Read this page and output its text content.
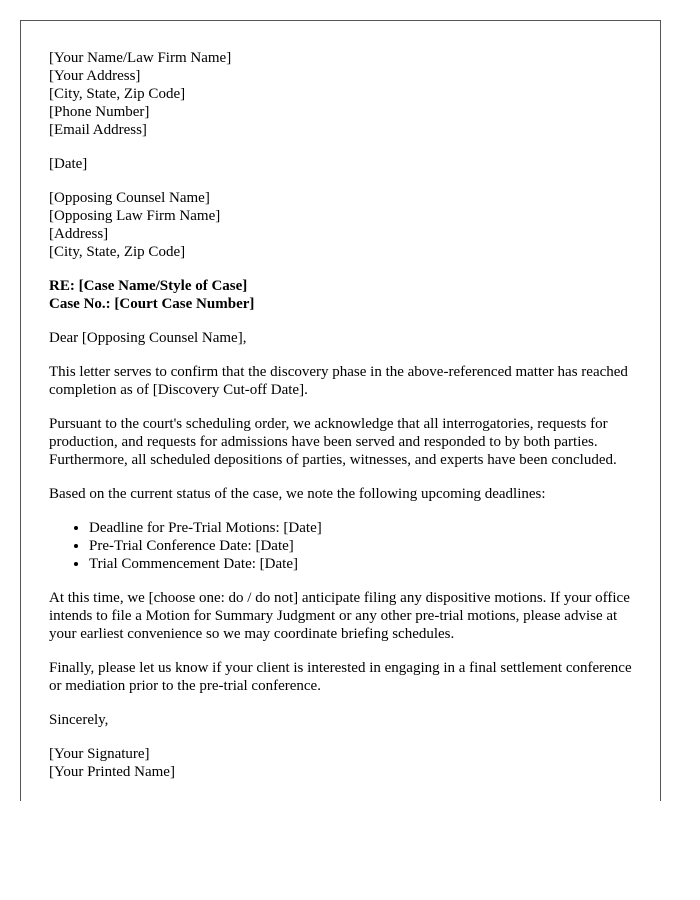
[Your Name/Law Firm Name]
[Your Address]
[City, State, Zip Code]
[Phone Number]
[Email Address]
[Date]
[Opposing Counsel Name]
[Opposing Law Firm Name]
[Address]
[City, State, Zip Code]
RE: [Case Name/Style of Case]
Case No.: [Court Case Number]

Dear [Opposing Counsel Name],

This letter serves to confirm that the discovery phase in the above-referenced matter has reached completion as of [Discovery Cut-off Date].

Pursuant to the court's scheduling order, we acknowledge that all interrogatories, requests for production, and requests for admissions have been served and responded to by both parties. Furthermore, all scheduled depositions of parties, witnesses, and experts have been concluded.

Based on the current status of the case, we note the following upcoming deadlines:

• Deadline for Pre-Trial Motions: [Date]
• Pre-Trial Conference Date: [Date]
• Trial Commencement Date: [Date]

At this time, we [choose one: do / do not] anticipate filing any dispositive motions. If your office intends to file a Motion for Summary Judgment or any other pre-trial motions, please advise at your earliest convenience so we may coordinate briefing schedules.

Finally, please let us know if your client is interested in engaging in a final settlement conference or mediation prior to the pre-trial conference.

Sincerely,

[Your Signature]
[Your Printed Name]
